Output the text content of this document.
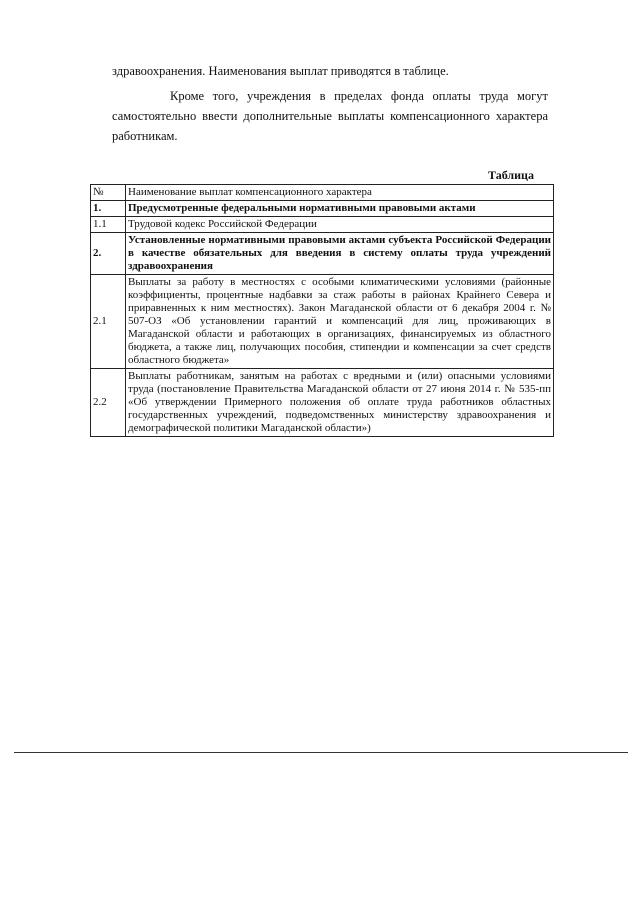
здравоохранения. Наименования выплат приводятся в таблице.
Кроме того, учреждения в пределах фонда оплаты труда могут самостоятельно ввести дополнительные выплаты компенсационного характера работникам.
Таблица
№	Наименование выплат компенсационного характера
1.	Предусмотренные федеральными нормативными правовыми актами
1.1	Трудовой кодекс Российской Федерации
2.	Установленные нормативными правовыми актами субъекта Российской Федерации в качестве обязательных для введения в систему оплаты труда учреждений здравоохранения
2.1	Выплаты за работу в местностях с особыми климатическими условиями (районные коэффициенты, процентные надбавки за стаж работы в районах Крайнего Севера и приравненных к ним местностях). Закон Магаданской области от 6 декабря 2004 г. № 507-ОЗ «Об установлении гарантий и компенсаций для лиц, проживающих в Магаданской области и работающих в организациях, финансируемых из областного бюджета, а также лиц, получающих пособия, стипендии и компенсации за счет средств областного бюджета»
2.2	Выплаты работникам, занятым на работах с вредными и (или) опасными условиями труда (постановление Правительства Магаданской области от 27 июня 2014 г. № 535-пп «Об утверждении Примерного положения об оплате труда работников областных государственных учреждений, подведомственных министерству здравоохранения и демографической политики Магаданской области»)
